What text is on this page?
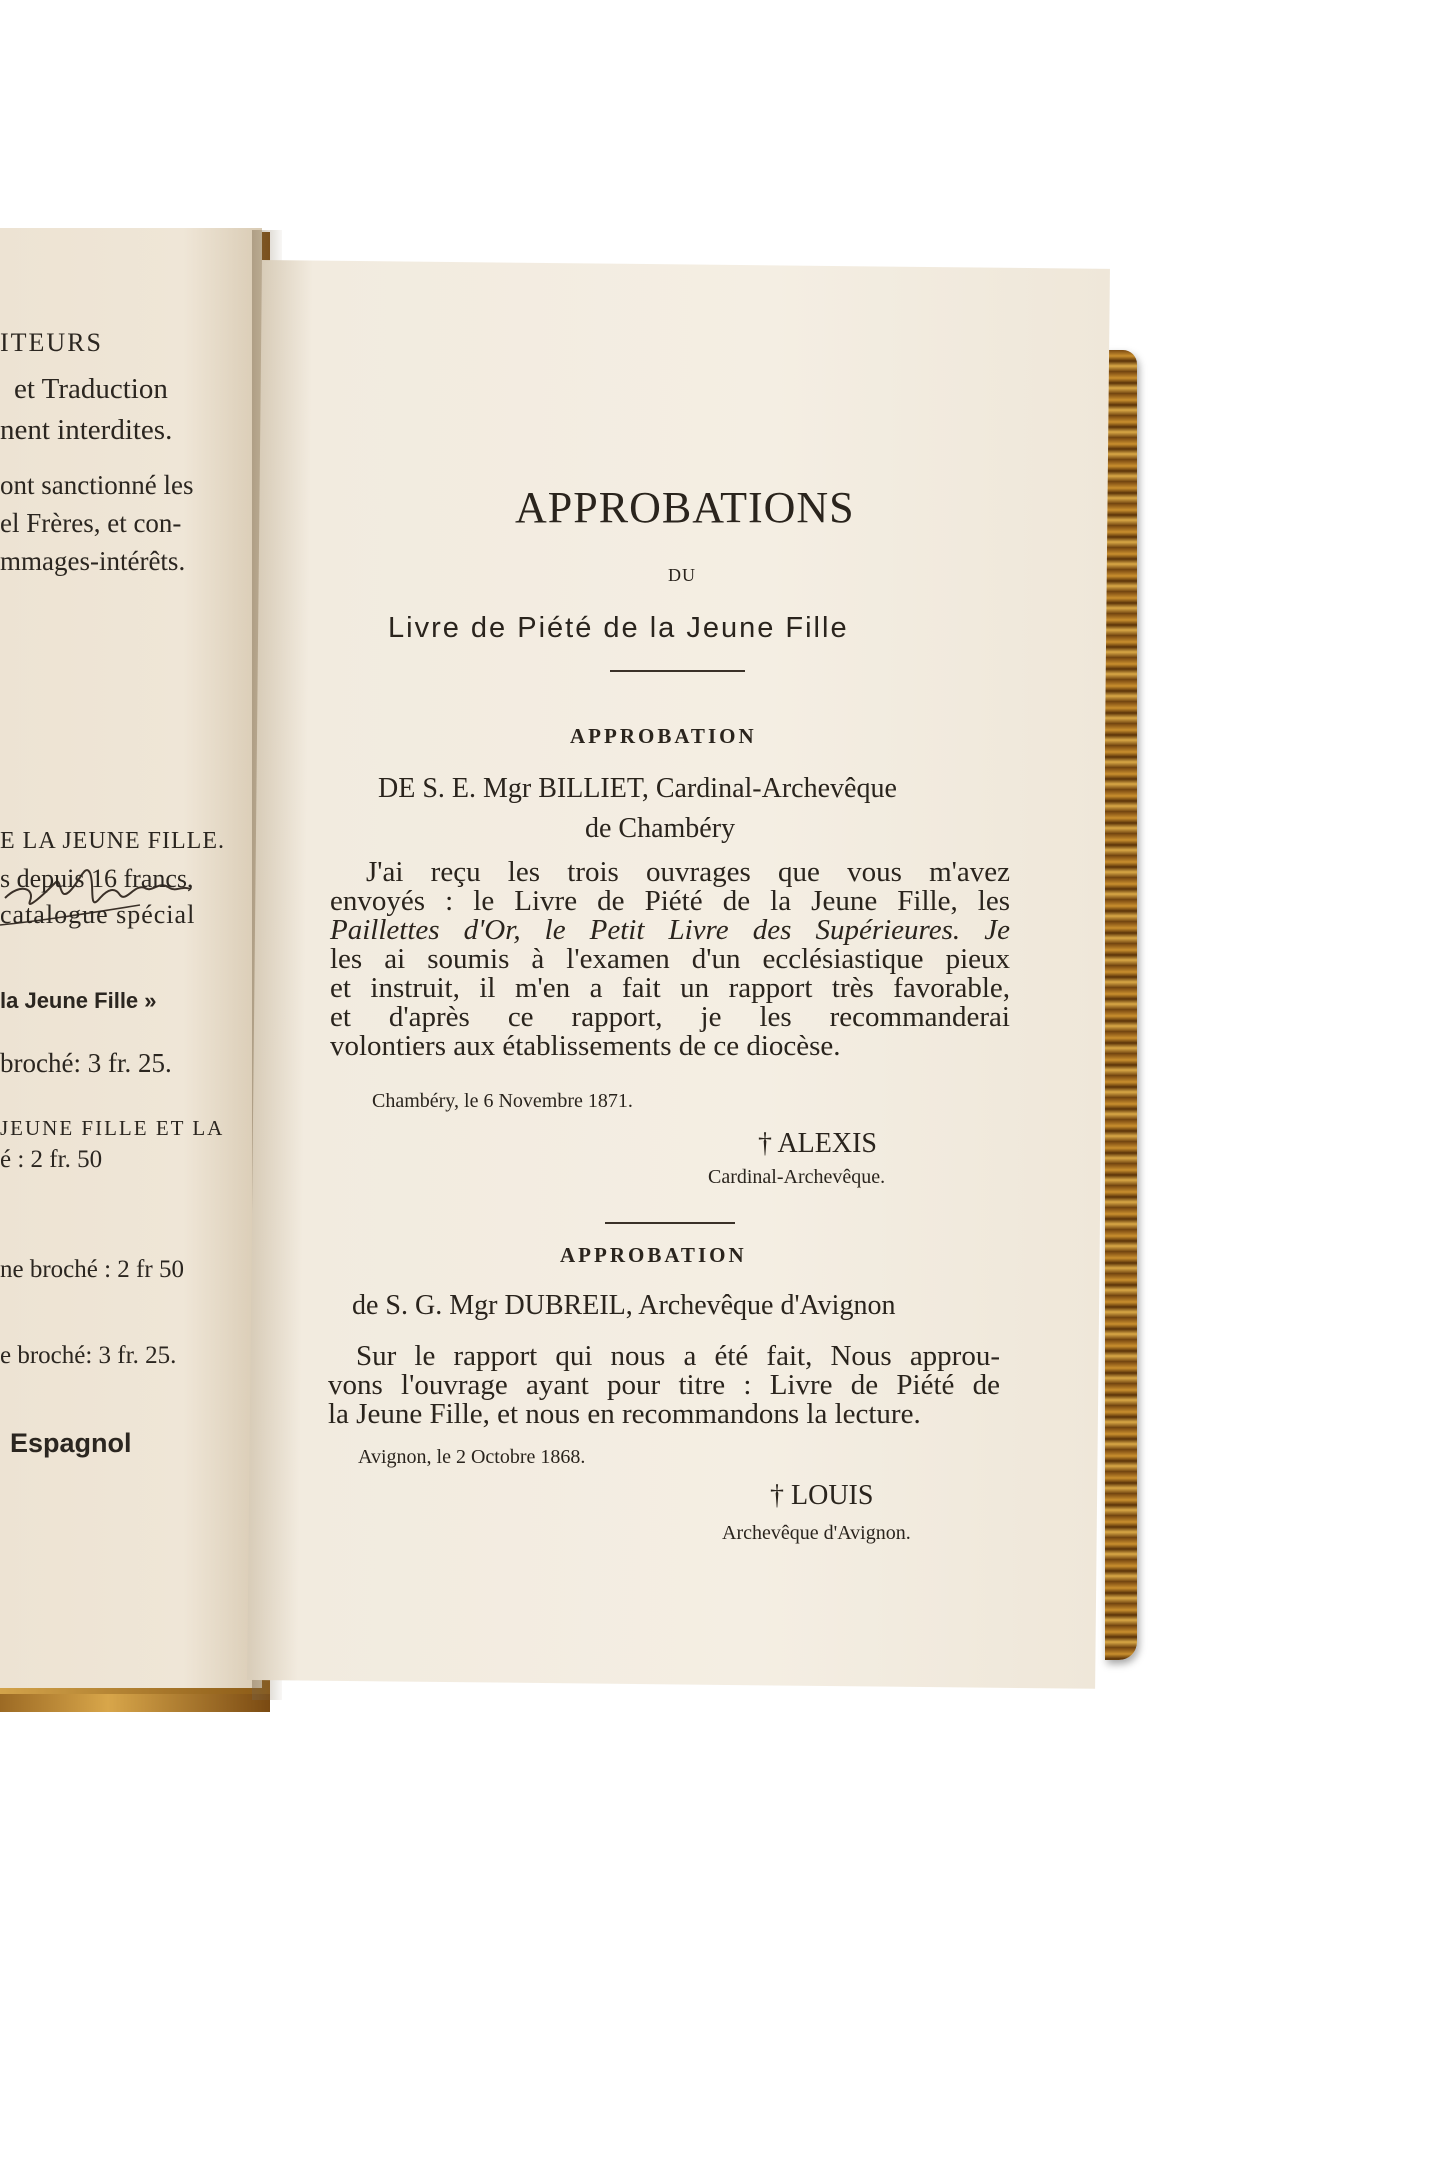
ITEURS
et Traduction
nent interdites.
ont sanctionné les
el Frères, et con-
mmages-intérêts.
E LA JEUNE FILLE.
s depuis 16 francs,
catalogue spécial
la Jeune Fille »
broché: 3 fr. 25.
JEUNE FILLE ET LA
é : 2 fr. 50
ne broché : 2 fr 50
e broché: 3 fr. 25.
Espagnol
APPROBATIONS
DU
Livre de Piété de la Jeune Fille
APPROBATION
DE S. E. Mgr BILLIET, Cardinal-Archevêque
de Chambéry
J'ai reçu les trois ouvrages que vous m'avez
envoyés : le Livre de Piété de la Jeune Fille, les
Paillettes d'Or, le Petit Livre des Supérieures. Je
les ai soumis à l'examen d'un ecclésiastique pieux
et instruit, il m'en a fait un rapport très favorable,
et d'après ce rapport, je les recommanderai
volontiers aux établissements de ce diocèse.
Chambéry, le 6 Novembre 1871.
† ALEXIS
Cardinal-Archevêque.
APPROBATION
de S. G. Mgr DUBREIL, Archevêque d'Avignon
Sur le rapport qui nous a été fait, Nous approu-
vons l'ouvrage ayant pour titre : Livre de Piété de
la Jeune Fille, et nous en recommandons la lecture.
Avignon, le 2 Octobre 1868.
† LOUIS
Archevêque d'Avignon.
